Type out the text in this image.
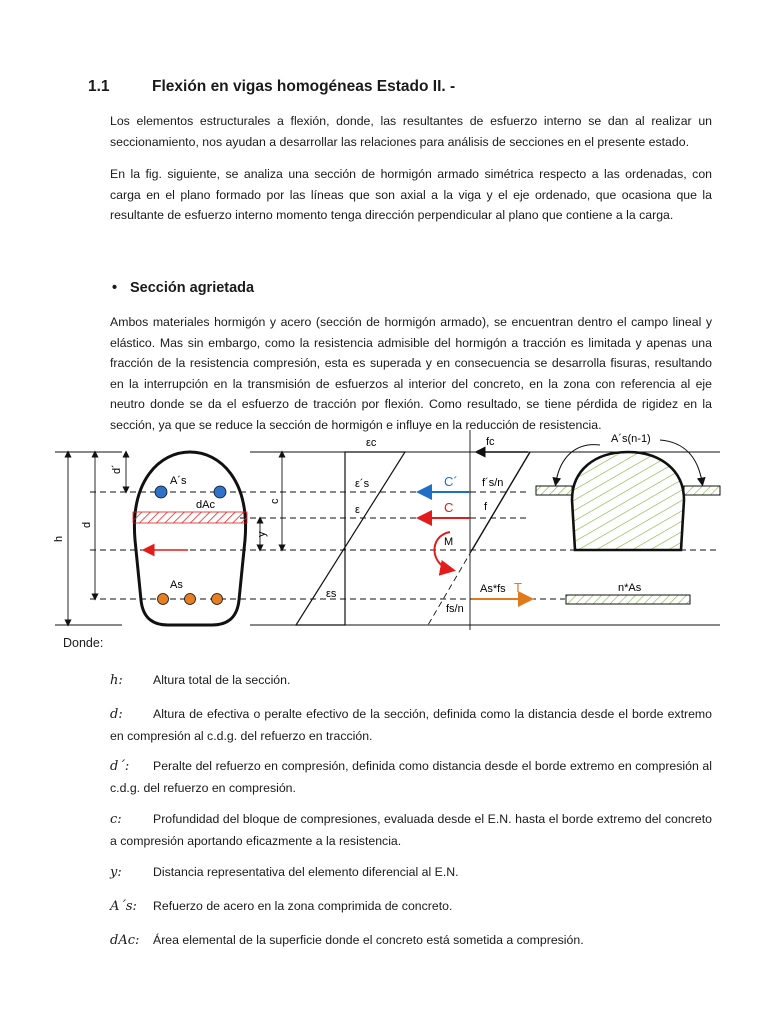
1.1	Flexión en vigas homogéneas Estado II. -

Los elementos estructurales a flexión, donde, las resultantes de esfuerzo interno se dan al realizar un seccionamiento, nos ayudan a desarrollar las relaciones para análisis de secciones en el presente estado.

En la fig. siguiente, se analiza una sección de hormigón armado simétrica respecto a las ordenadas, con carga en el plano formado por las líneas que son axial a la viga y el eje ordenado, que ocasiona que la resultante de esfuerzo interno momento tenga dirección perpendicular al plano que contiene a la carga.

• Sección agrietada

Ambos materiales hormigón y acero (sección de hormigón armado), se encuentran dentro el campo lineal y elástico. Mas sin embargo, como la resistencia admisible del hormigón a tracción es limitada y apenas una fracción de la resistencia compresión, esta es superada y en consecuencia se desarrolla fisuras, resultando en la interrupción en la transmisión de esfuerzos al interior del concreto, en la zona con referencia al eje neutro donde se da el esfuerzo de tracción por flexión. Como resultado, se tiene pérdida de rigidez en la sección, ya que se reduce la sección de hormigón e influye en la reducción de resistencia.

h
d
d´
c
y
A´s
dAc
As
εc
ε´s
ε
εs
fc
f´s/n
f
fs/n
C´
C
M
As*fs T
A´s(n-1)
n*As
Donde:
h: Altura total de la sección.
d: Altura de efectiva o peralte efectivo de la sección, definida como la distancia desde el borde extremo en compresión al c.d.g. del refuerzo en tracción.
d´: Peralte del refuerzo en compresión, definida como distancia desde el borde extremo en compresión al c.d.g. del refuerzo en compresión.
c:	Profundidad del bloque de compresiones, evaluada desde el E.N. hasta el borde extremo del concreto a compresión aportando eficazmente a la resistencia.
y:	Distancia representativa del elemento diferencial al E.N.
A´s: Refuerzo de acero en la zona comprimida de concreto.
dAc: Área elemental de la superficie donde el concreto está sometida a compresión.
